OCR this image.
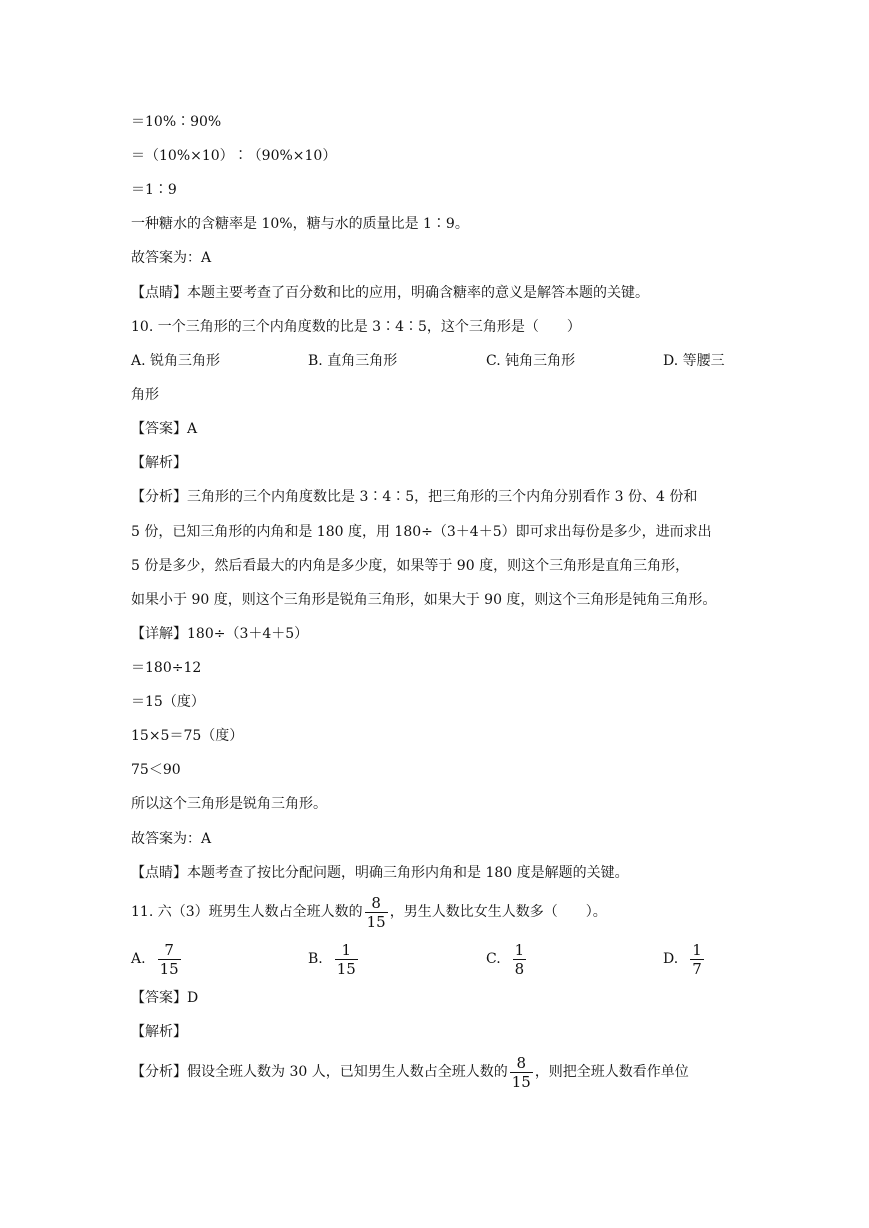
＝10%∶90%
＝（10%×10）∶（90%×10）
＝1∶9
一种糖水的含糖率是 10%，糖与水的质量比是 1∶9。
故答案为：A
【点睛】本题主要考查了百分数和比的应用，明确含糖率的意义是解答本题的关键。
10. 一个三角形的三个内角度数的比是 3∶4∶5，这个三角形是（　　）
A. 锐角三角形	B. 直角三角形	C. 钝角三角形	D. 等腰三
角形
【答案】A
【解析】
【分析】三角形的三个内角度数比是 3∶4∶5，把三角形的三个内角分别看作 3 份、4 份和
5 份，已知三角形的内角和是 180 度，用 180÷（3＋4＋5）即可求出每份是多少，进而求出
5 份是多少，然后看最大的内角是多少度，如果等于 90 度，则这个三角形是直角三角形，
如果小于 90 度，则这个三角形是锐角三角形，如果大于 90 度，则这个三角形是钝角三角形。
【详解】180÷（3＋4＋5）
＝180÷12
＝15（度）
15×5＝75（度）
75＜90
所以这个三角形是锐角三角形。
故答案为：A
【点睛】本题考查了按比分配问题，明确三角形内角和是 180 度是解题的关键。
11. 六（3）班男生人数占全班人数的 $\frac{8}{15}$ ，男生人数比女生人数多（　　）。
A. $\frac{7}{15}$	B. $\frac{1}{15}$	C. $\frac{1}{8}$	D. $\frac{1}{7}$
【答案】D
【解析】
【分析】假设全班人数为 30 人，已知男生人数占全班人数的 $\frac{8}{15}$ ，则把全班人数看作单位
